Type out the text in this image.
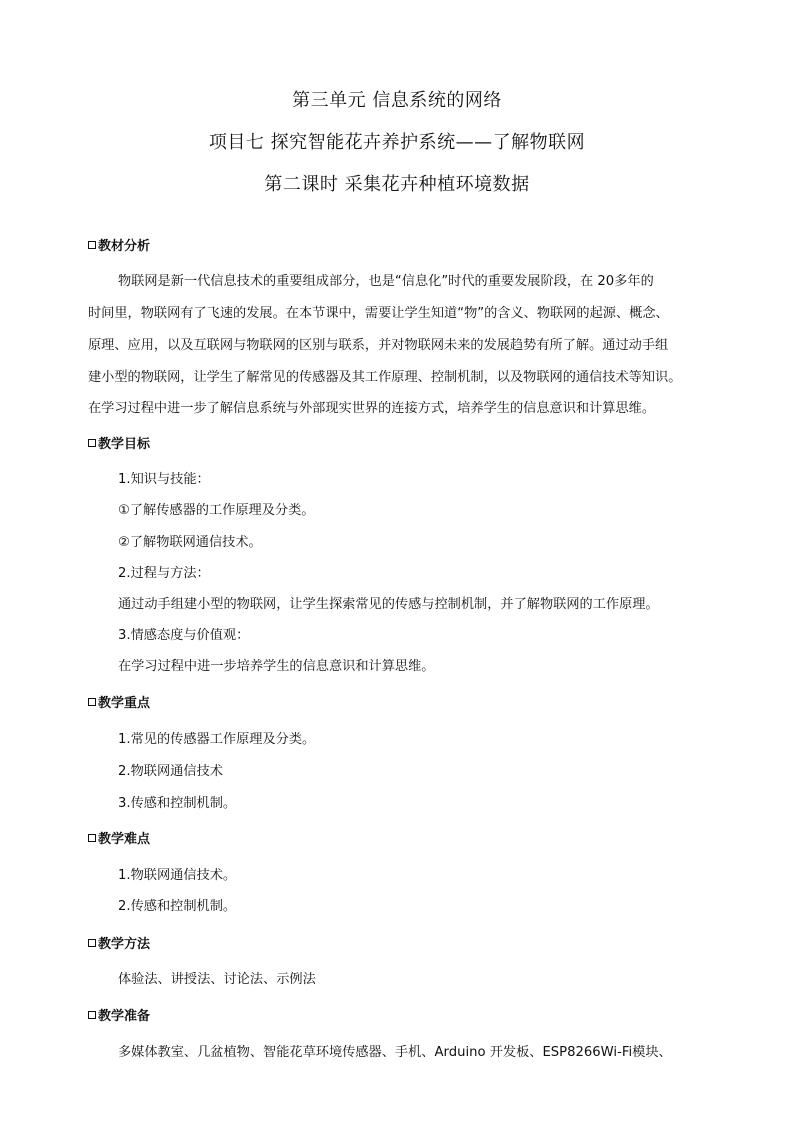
第三单元 信息系统的网络
项目七 探究智能花卉养护系统——了解物联网
第二课时 采集花卉种植环境数据
教材分析
物联网是新一代信息技术的重要组成部分，也是“信息化”时代的重要发展阶段，在 20多年的
时间里，物联网有了飞速的发展。在本节课中，需要让学生知道“物”的含义、物联网的起源、概念、
原理、应用，以及互联网与物联网的区别与联系，并对物联网未来的发展趋势有所了解。通过动手组
建小型的物联网，让学生了解常见的传感器及其工作原理、控制机制，以及物联网的通信技术等知识。
在学习过程中进一步了解信息系统与外部现实世界的连接方式，培养学生的信息意识和计算思维。
教学目标
1.知识与技能：
①了解传感器的工作原理及分类。
②了解物联网通信技术。
2.过程与方法：
通过动手组建小型的物联网，让学生探索常见的传感与控制机制，并了解物联网的工作原理。
3.情感态度与价值观：
在学习过程中进一步培养学生的信息意识和计算思维。
教学重点
1.常见的传感器工作原理及分类。
2.物联网通信技术
3.传感和控制机制。
教学难点
1.物联网通信技术。
2.传感和控制机制。
教学方法
体验法、讲授法、讨论法、示例法
教学准备
多媒体教室、几盆植物、智能花草环境传感器、手机、Arduino 开发板、ESP8266Wi-Fi模块、
